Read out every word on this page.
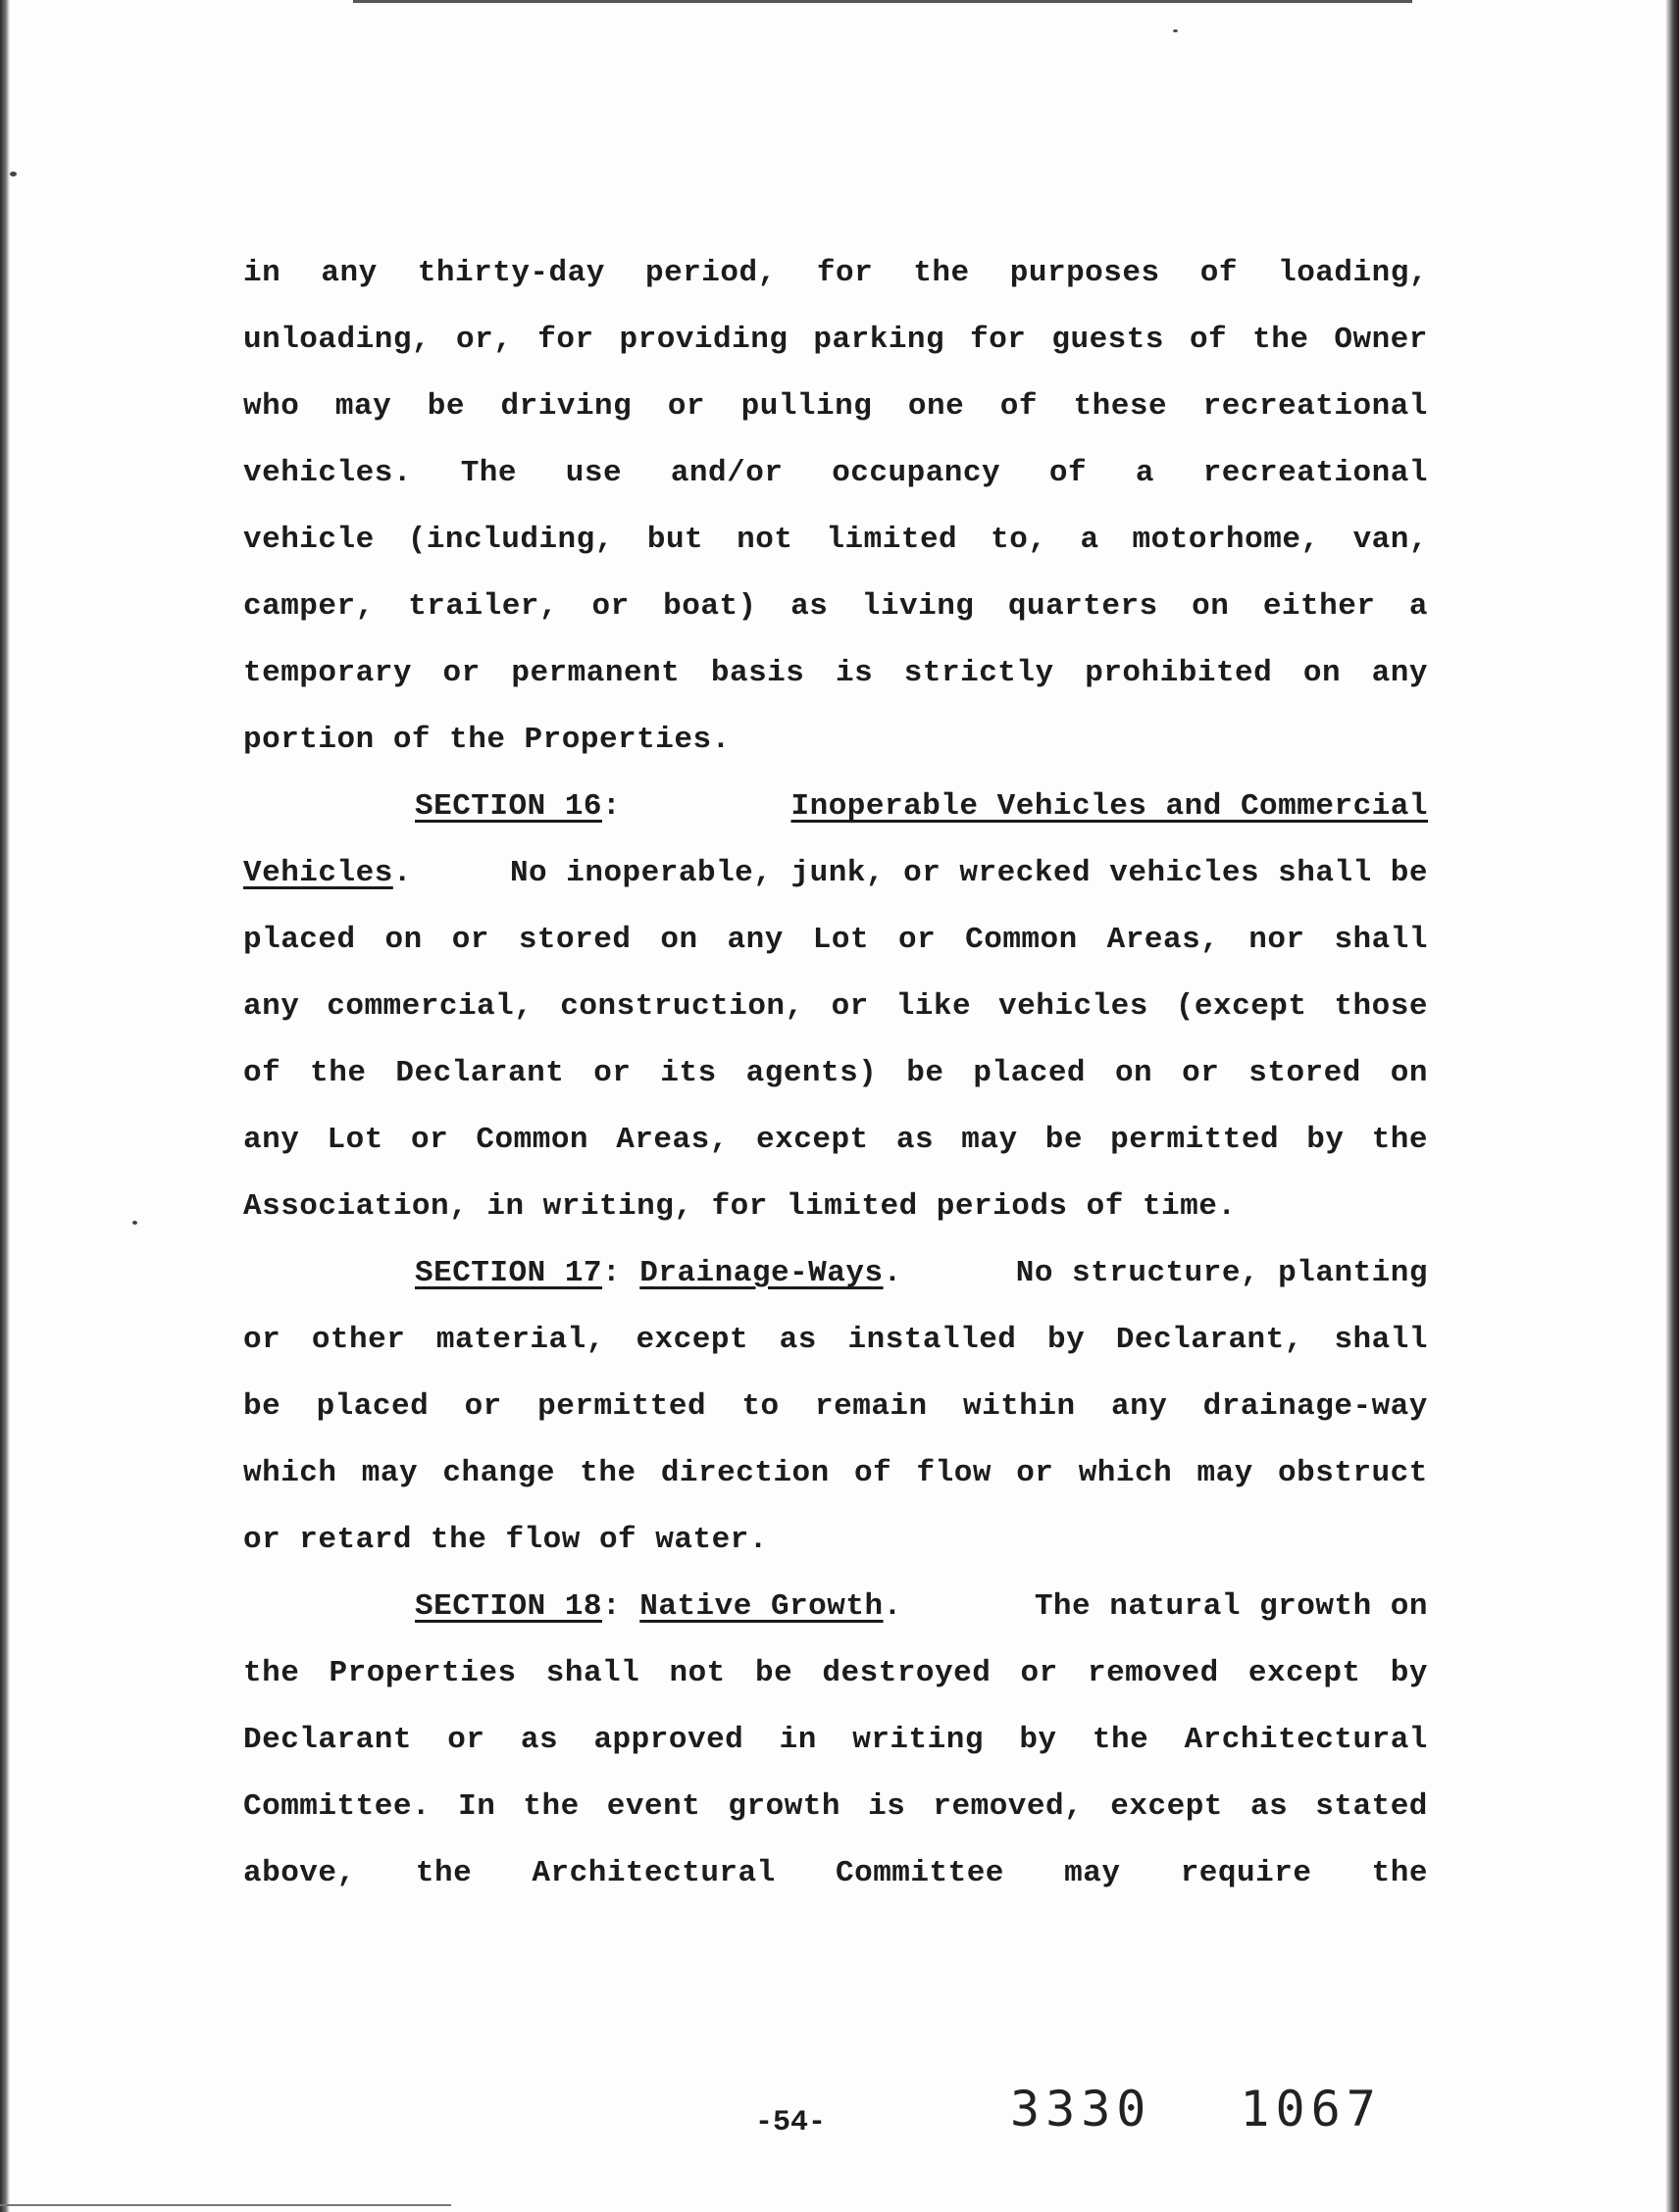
in any thirty-day period, for the purposes of loading,
unloading, or, for providing parking for guests of the Owner
who may be driving or pulling one of these recreational
vehicles. The use and/or occupancy of a recreational
vehicle (including, but not limited to, a motorhome, van,
camper, trailer, or boat) as living quarters on either a
temporary or permanent basis is strictly prohibited on any
portion of the Properties.
SECTION 16:	Inoperable Vehicles and Commercial
Vehicles.	No inoperable, junk, or wrecked vehicles shall be
placed on or stored on any Lot or Common Areas, nor shall
any commercial, construction, or like vehicles (except those
of the Declarant or its agents) be placed on or stored on
any Lot or Common Areas, except as may be permitted by the
Association, in writing, for limited periods of time.
SECTION 17: Drainage-Ways.	No structure, planting
or other material, except as installed by Declarant, shall
be placed or permitted to remain within any drainage-way
which may change the direction of flow or which may obstruct
or retard the flow of water.
SECTION 18: Native Growth.	The natural growth on
the Properties shall not be destroyed or removed except by
Declarant or as approved in writing by the Architectural
Committee. In the event growth is removed, except as stated
above, the Architectural Committee may require the
-54-	3330 1067
